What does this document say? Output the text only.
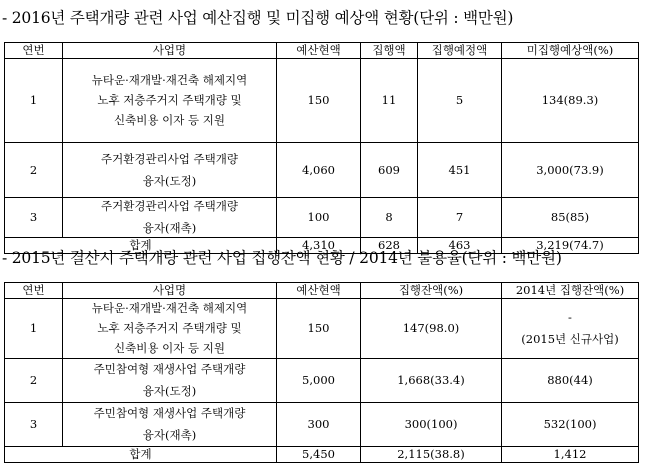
- 2016년 주택개량 관련 사업 예산집행 및 미집행 예상액 현황(단위 : 백만원)
연번	사업명	예산현액	집행액	집행예정액	미집행예상액(%)
1	뉴타운·재개발·재건축 해제지역
노후 저층주거지 주택개량 및
신축비용 이자 등 지원	150	11	5	134(89.3)
2	주거환경관리사업 주택개량
융자(도정)	4,060	609	451	3,000(73.9)
3	주거환경관리사업 주택개량
융자(재촉)	100	8	7	85(85)
합계		4,310	628	463	3,219(74.7)
- 2015년 결산시 주택개량 관련 사업 집행잔액 현황 / 2014년 불용율(단위 : 백만원)
연번	사업명	예산현액	집행잔액(%)	2014년 집행잔액(%)
1	뉴타운·재개발·재건축 해제지역
노후 저층주거지 주택개량 및
신축비용 이자 등 지원	150	147(98.0)	-
(2015년 신규사업)

2	주민참여형 재생사업 주택개량
융자(도정)	5,000	1,668(33.4)	880(44)
3	주민참여형 재생사업 주택개량
융자(재촉)	300	300(100)	532(100)
합계		5,450	2,115(38.8)	1,412
